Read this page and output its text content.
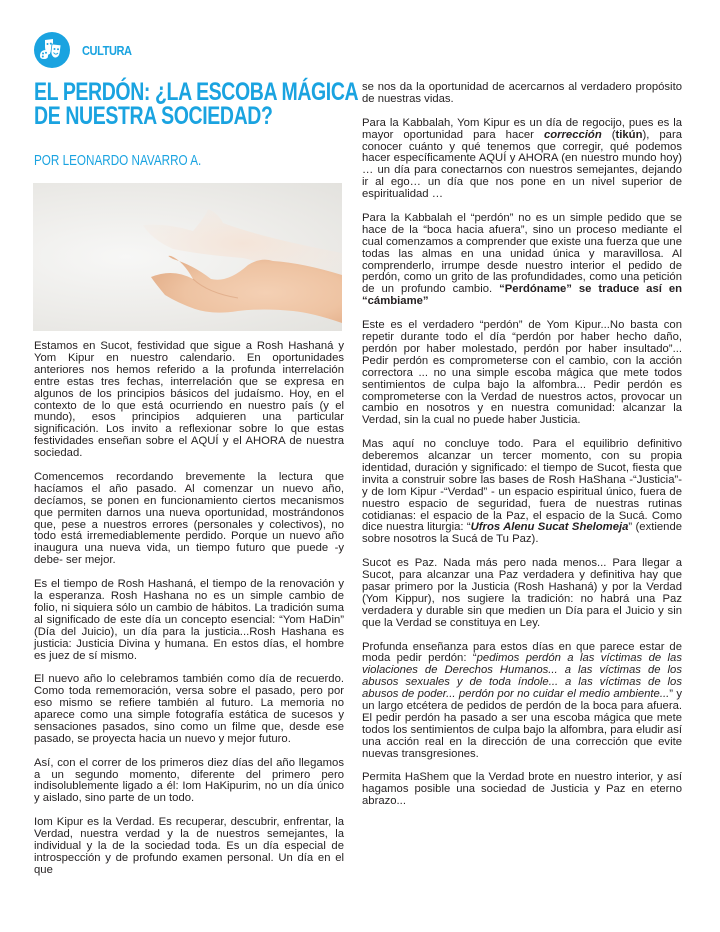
CULTURA
EL PERDÓN: ¿LA ESCOBA MÁGICA DE NUESTRA SOCIEDAD?
POR LEONARDO NAVARRO A.

Estamos en Sucot, festividad que sigue a Rosh Hashaná y Yom Kipur en nuestro calendario. En oportunidades anteriores nos hemos referido a la profunda interrelación entre estas tres fechas, interrelación que se expresa en algunos de los principios básicos del judaísmo. Hoy, en el contexto de lo que está ocurriendo en nuestro país (y el mundo), esos principios adquieren una particular significación. Los invito a reflexionar sobre lo que estas festividades enseñan sobre el AQUÍ y el AHORA de nuestra sociedad.

Comencemos recordando brevemente la lectura que hacíamos el año pasado. Al comenzar un nuevo año, decíamos, se ponen en funcionamiento ciertos mecanismos que permiten darnos una nueva oportunidad, mostrándonos que, pese a nuestros errores (personales y colectivos), no todo está irremediablemente perdido. Porque un nuevo año inaugura una nueva vida, un tiempo futuro que puede -y debe- ser mejor.

Es el tiempo de Rosh Hashaná, el tiempo de la renovación y la esperanza. Rosh Hashana no es un simple cambio de folio, ni siquiera sólo un cambio de hábitos. La tradición suma al significado de este día un concepto esencial: “Yom HaDin” (Día del Juicio), un día para la justicia...Rosh Hashana es justicia: Justicia Divina y humana. En estos días, el hombre es juez de sí mismo.

El nuevo año lo celebramos también como día de recuerdo. Como toda rememoración, versa sobre el pasado, pero por eso mismo se refiere también al futuro. La memoria no aparece como una simple fotografía estática de sucesos y sensaciones pasados, sino como un filme que, desde ese pasado, se proyecta hacia un nuevo y mejor futuro.

Así, con el correr de los primeros diez días del año llegamos a un segundo momento, diferente del primero pero indisolublemente ligado a él: Iom HaKipurim, no un día único y aislado, sino parte de un todo.

Iom Kipur es la Verdad. Es recuperar, descubrir, enfrentar, la Verdad, nuestra verdad y la de nuestros semejantes, la individual y la de la sociedad toda. Es un día especial de introspección y de profundo examen personal. Un día en el que

se nos da la oportunidad de acercarnos al verdadero propósito de nuestras vidas.

Para la Kabbalah, Yom Kipur es un día de regocijo, pues es la mayor oportunidad para hacer corrección (tikún), para conocer cuánto y qué tenemos que corregir, qué podemos hacer específicamente AQUÍ y AHORA (en nuestro mundo hoy) … un día para conectarnos con nuestros semejantes, dejando ir al ego… un día que nos pone en un nivel superior de espiritualidad …

Para la Kabbalah el “perdón” no es un simple pedido que se hace de la “boca hacia afuera”, sino un proceso mediante el cual comenzamos a comprender que existe una fuerza que une todas las almas en una unidad única y maravillosa. Al comprenderlo, irrumpe desde nuestro interior el pedido de perdón, como un grito de las profundidades, como una petición de un profundo cambio. “Perdóname” se traduce así en “cámbiame”

Este es el verdadero “perdón” de Yom Kipur...No basta con repetir durante todo el día “perdón por haber hecho daño, perdón por haber molestado, perdón por haber insultado”... Pedir perdón es comprometerse con el cambio, con la acción correctora ... no una simple escoba mágica que mete todos sentimientos de culpa bajo la alfombra... Pedir perdón es comprometerse con la Verdad de nuestros actos, provocar un cambio en nosotros y en nuestra comunidad: alcanzar la Verdad, sin la cual no puede haber Justicia.

Mas aquí no concluye todo. Para el equilibrio definitivo deberemos alcanzar un tercer momento, con su propia identidad, duración y significado: el tiempo de Sucot, fiesta que invita a construir sobre las bases de Rosh HaShana -“Justicia”- y de Iom Kipur -“Verdad” - un espacio espiritual único, fuera de nuestro espacio de seguridad, fuera de nuestras rutinas cotidianas: el espacio de la Paz, el espacio de la Sucá. Como dice nuestra liturgia: “Ufros Alenu Sucat Shelomeja” (extiende sobre nosotros la Sucá de Tu Paz).

Sucot es Paz. Nada más pero nada menos... Para llegar a Sucot, para alcanzar una Paz verdadera y definitiva hay que pasar primero por la Justicia (Rosh Hashaná) y por la Verdad (Yom Kippur), nos sugiere la tradición: no habrá una Paz verdadera y durable sin que medien un Día para el Juicio y sin que la Verdad se constituya en Ley.

Profunda enseñanza para estos días en que parece estar de moda pedir perdón: “pedimos perdón a las víctimas de las violaciones de Derechos Humanos... a las víctimas de los abusos sexuales y de toda índole... a las víctimas de los abusos de poder... perdón por no cuidar el medio ambiente...” y un largo etcétera de pedidos de perdón de la boca para afuera. El pedir perdón ha pasado a ser una escoba mágica que mete todos los sentimientos de culpa bajo la alfombra, para eludir así una acción real en la dirección de una corrección que evite nuevas transgresiones.

Permita HaShem que la Verdad brote en nuestro interior, y así hagamos posible una sociedad de Justicia y Paz en eterno abrazo...
